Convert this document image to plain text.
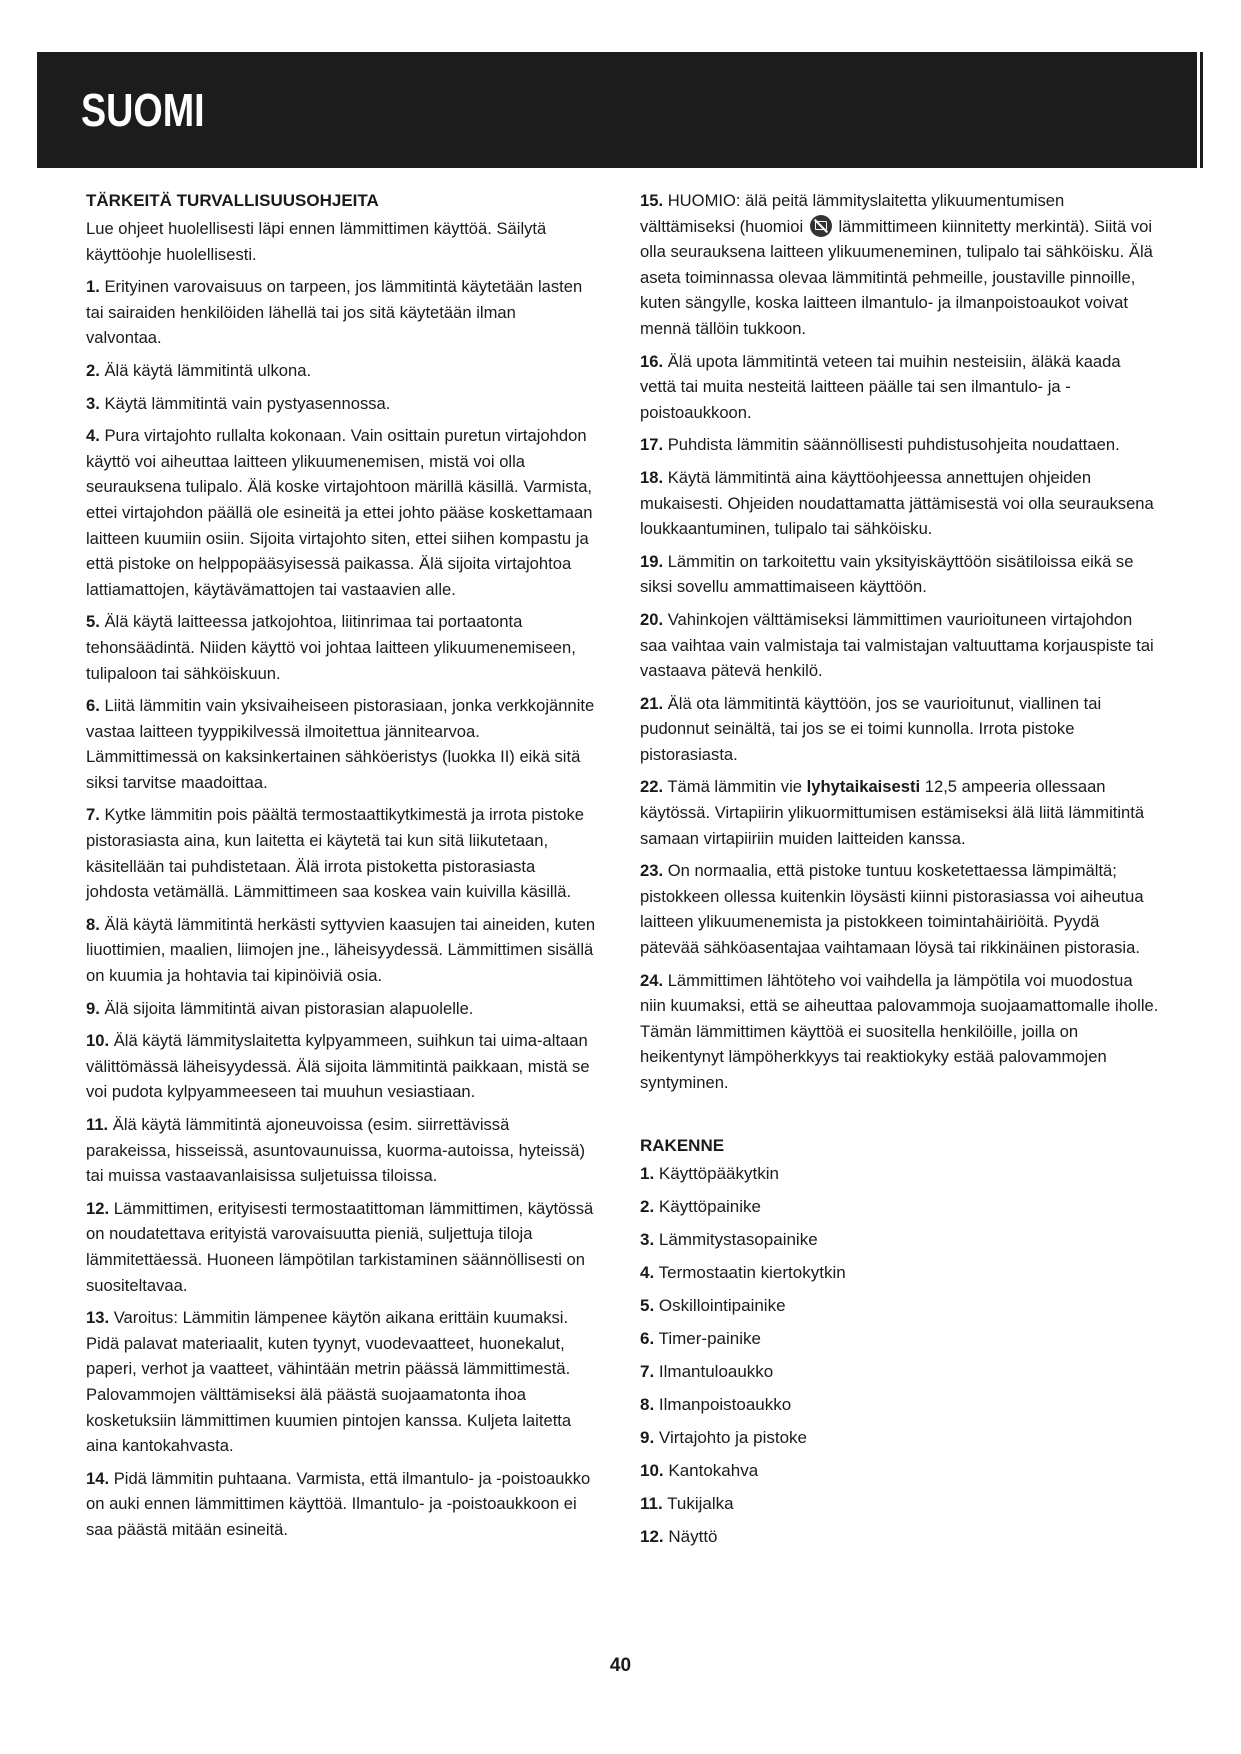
SUOMI
TÄRKEITÄ TURVALLISUUSOHJEITA

Lue ohjeet huolellisesti läpi ennen lämmittimen käyttöä. Säilytä käyttöohje huolellisesti.

1. Erityinen varovaisuus on tarpeen, jos lämmitintä käytetään lasten tai sairaiden henkilöiden lähellä tai jos sitä käytetään ilman valvontaa.

2. Älä käytä lämmitintä ulkona.

3. Käytä lämmitintä vain pystyasennossa.

4. Pura virtajohto rullalta kokonaan. Vain osittain puretun virtajohdon käyttö voi aiheuttaa laitteen ylikuumenemisen, mistä voi olla seurauksena tulipalo. Älä koske virtajohtoon märillä käsillä. Varmista, ettei virtajohdon päällä ole esineitä ja ettei johto pääse koskettamaan laitteen kuumiin osiin. Sijoita virtajohto siten, ettei siihen kompastu ja että pistoke on helppopääsyisessä paikassa. Älä sijoita virtajohtoa lattiamattojen, käytävämattojen tai vastaavien alle.

5. Älä käytä laitteessa jatkojohtoa, liitinrimaa tai portaatonta tehonsäädintä. Niiden käyttö voi johtaa laitteen ylikuumenemiseen, tulipaloon tai sähköiskuun.

6. Liitä lämmitin vain yksivaiheiseen pistorasiaan, jonka verkkojännite vastaa laitteen tyyppikilvessä ilmoitettua jännitearvoa. Lämmittimessä on kaksinkertainen sähköeristys (luokka II) eikä sitä siksi tarvitse maadoittaa.

7. Kytke lämmitin pois päältä termostaattikytkimestä ja irrota pistoke pistorasiasta aina, kun laitetta ei käytetä tai kun sitä liikutetaan, käsitellään tai puhdistetaan. Älä irrota pistoketta pistorasiasta johdosta vetämällä. Lämmittimeen saa koskea vain kuivilla käsillä.

8. Älä käytä lämmitintä herkästi syttyvien kaasujen tai aineiden, kuten liuottimien, maalien, liimojen jne., läheisyydessä. Lämmittimen sisällä on kuumia ja hohtavia tai kipinöiviä osia.

9. Älä sijoita lämmitintä aivan pistorasian alapuolelle.

10. Älä käytä lämmityslaitetta kylpyammeen, suihkun tai uima-altaan välittömässä läheisyydessä. Älä sijoita lämmitintä paikkaan, mistä se voi pudota kylpyammeeseen tai muuhun vesiastiaan.

11. Älä käytä lämmitintä ajoneuvoissa (esim. siirrettävissä parakeissa, hisseissä, asuntovaunuissa, kuorma-autoissa, hyteissä) tai muissa vastaavanlaisissa suljetuissa tiloissa.

12. Lämmittimen, erityisesti termostaatittoman lämmittimen, käytössä on noudatettava erityistä varovaisuutta pieniä, suljettuja tiloja lämmitettäessä. Huoneen lämpötilan tarkistaminen säännöllisesti on suositeltavaa.

13. Varoitus: Lämmitin lämpenee käytön aikana erittäin kuumaksi. Pidä palavat materiaalit, kuten tyynyt, vuodevaatteet, huonekalut, paperi, verhot ja vaatteet, vähintään metrin päässä lämmittimestä. Palovammojen välttämiseksi älä päästä suojaamatonta ihoa kosketuksiin lämmittimen kuumien pintojen kanssa. Kuljeta laitetta aina kantokahvasta.

14. Pidä lämmitin puhtaana. Varmista, että ilmantulo- ja -poistoaukko on auki ennen lämmittimen käyttöä. Ilmantulo- ja -poistoaukkoon ei saa päästä mitään esineitä.

15. HUOMIO: älä peitä lämmityslaitetta ylikuumentumisen välttämiseksi (huomioi lämmittimeen kiinnitetty merkintä). Siitä voi olla seurauksena laitteen ylikuumeneminen, tulipalo tai sähköisku. Älä aseta toiminnassa olevaa lämmitintä pehmeille, joustaville pinnoille, kuten sängylle, koska laitteen ilmantulo- ja ilmanpoistoaukot voivat mennä tällöin tukkoon.

16. Älä upota lämmitintä veteen tai muihin nesteisiin, äläkä kaada vettä tai muita nesteitä laitteen päälle tai sen ilmantulo- ja -poistoaukkoon.

17. Puhdista lämmitin säännöllisesti puhdistusohjeita noudattaen.

18. Käytä lämmitintä aina käyttöohjeessa annettujen ohjeiden mukaisesti. Ohjeiden noudattamatta jättämisestä voi olla seurauksena loukkaantuminen, tulipalo tai sähköisku.

19. Lämmitin on tarkoitettu vain yksityiskäyttöön sisätiloissa eikä se siksi sovellu ammattimaiseen käyttöön.

20. Vahinkojen välttämiseksi lämmittimen vaurioituneen virtajohdon saa vaihtaa vain valmistaja tai valmistajan valtuuttama korjauspiste tai vastaava pätevä henkilö.

21. Älä ota lämmitintä käyttöön, jos se vaurioitunut, viallinen tai pudonnut seinältä, tai jos se ei toimi kunnolla. Irrota pistoke pistorasiasta.

22. Tämä lämmitin vie lyhytaikaisesti 12,5 ampeeria ollessaan käytössä. Virtapiirin ylikuormittumisen estämiseksi älä liitä lämmitintä samaan virtapiiriin muiden laitteiden kanssa.

23. On normaalia, että pistoke tuntuu kosketettaessa lämpimältä; pistokkeen ollessa kuitenkin löysästi kiinni pistorasiassa voi aiheutua laitteen ylikuumenemista ja pistokkeen toimintahäiriöitä. Pyydä pätevää sähköasentajaa vaihtamaan löysä tai rikkinäinen pistorasia.

24. Lämmittimen lähtöteho voi vaihdella ja lämpötila voi muodostua niin kuumaksi, että se aiheuttaa palovammoja suojaamattomalle iholle. Tämän lämmittimen käyttöä ei suositella henkilöille, joilla on heikentynyt lämpöherkkyys tai reaktiokyky estää palovammojen syntyminen.

RAKENNE
1. Käyttöpääkytkin
2. Käyttöpainike
3. Lämmitystasopainike
4. Termostaatin kiertokytkin
5. Oskillointipainike
6. Timer-painike
7. Ilmantuloaukko
8. Ilmanpoistoaukko
9. Virtajohto ja pistoke
10. Kantokahva
11. Tukijalka
12. Näyttö
40
